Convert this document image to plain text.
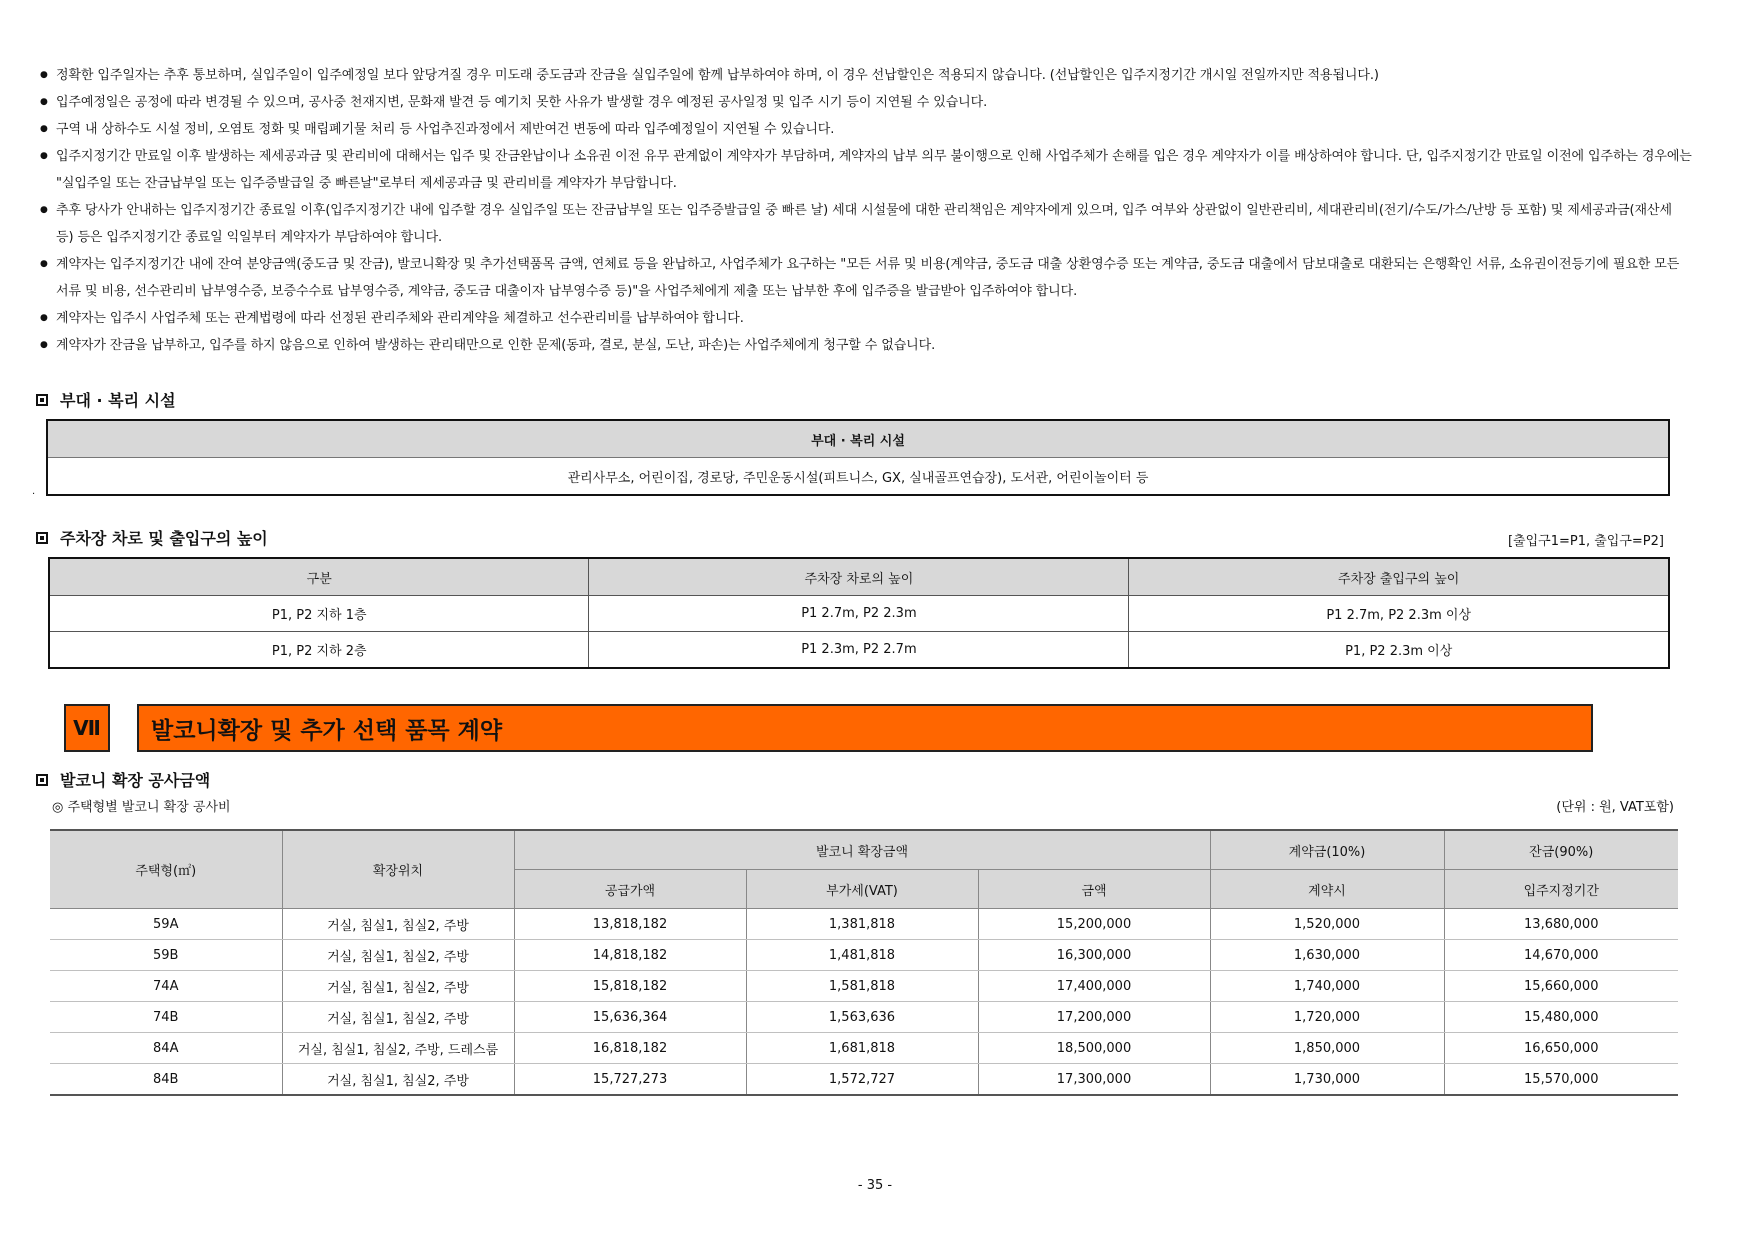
● 정확한 입주일자는 추후 통보하며, 실입주일이 입주예정일 보다 앞당겨질 경우 미도래 중도금과 잔금을 실입주일에 함께 납부하여야 하며, 이 경우 선납할인은 적용되지 않습니다. (선납할인은 입주지정기간 개시일 전일까지만 적용됩니다.)
● 입주예정일은 공정에 따라 변경될 수 있으며, 공사중 천재지변, 문화재 발견 등 예기치 못한 사유가 발생할 경우 예정된 공사일정 및 입주 시기 등이 지연될 수 있습니다.
● 구역 내 상하수도 시설 정비, 오염토 정화 및 매립폐기물 처리 등 사업추진과정에서 제반여건 변동에 따라 입주예정일이 지연될 수 있습니다.
● 입주지정기간 만료일 이후 발생하는 제세공과금 및 관리비에 대해서는 입주 및 잔금완납이나 소유권 이전 유무 관계없이 계약자가 부담하며, 계약자의 납부 의무 불이행으로 인해 사업주체가 손해를 입은 경우 계약자가 이를 배상하여야 합니다. 단, 입주지정기간 만료일 이전에 입주하는 경우에는 "실입주일 또는 잔금납부일 또는 입주증발급일 중 빠른날"로부터 제세공과금 및 관리비를 계약자가 부담합니다.
● 추후 당사가 안내하는 입주지정기간 종료일 이후(입주지정기간 내에 입주할 경우 실입주일 또는 잔금납부일 또는 입주증발급일 중 빠른 날) 세대 시설물에 대한 관리책임은 계약자에게 있으며, 입주 여부와 상관없이 일반관리비, 세대관리비(전기/수도/가스/난방 등 포함) 및 제세공과금(재산세 등) 등은 입주지정기간 종료일 익일부터 계약자가 부담하여야 합니다.
● 계약자는 입주지정기간 내에 잔여 분양금액(중도금 및 잔금), 발코니확장 및 추가선택품목 금액, 연체료 등을 완납하고, 사업주체가 요구하는 "모든 서류 및 비용(계약금, 중도금 대출 상환영수증 또는 계약금, 중도금 대출에서 담보대출로 대환되는 은행확인 서류, 소유권이전등기에 필요한 모든 서류 및 비용, 선수관리비 납부영수증, 보증수수료 납부영수증, 계약금, 중도금 대출이자 납부영수증 등)"을 사업주체에게 제출 또는 납부한 후에 입주증을 발급받아 입주하여야 합니다.
● 계약자는 입주시 사업주체 또는 관계법령에 따라 선정된 관리주체와 관리계약을 체결하고 선수관리비를 납부하여야 합니다.
● 계약자가 잔금을 납부하고, 입주를 하지 않음으로 인하여 발생하는 관리태만으로 인한 문제(동파, 결로, 분실, 도난, 파손)는 사업주체에게 청구할 수 없습니다.
부대 · 복리 시설
부대 · 복리 시설
관리사무소, 어린이집, 경로당, 주민운동시설(피트니스, GX, 실내골프연습장), 도서관, 어린이놀이터 등
.
주차장 차로 및 출입구의 높이	[출입구1=P1, 출입구=P2]
구분	주차장 차로의 높이	주차장 출입구의 높이
P1, P2 지하 1층	P1 2.7m, P2 2.3m	P1 2.7m, P2 2.3m 이상
P1, P2 지하 2층	P1 2.3m, P2 2.7m	P1, P2 2.3m 이상
Ⅶ	발코니확장 및 추가 선택 품목 계약
발코니 확장 공사금액
◎ 주택형별 발코니 확장 공사비	(단위 : 원, VAT포함)
주택형(㎡)	확장위치	발코니 확장금액			계약금(10%)	잔금(90%)
		공급가액	부가세(VAT)	금액	계약시	입주지정기간
59A	거실, 침실1, 침실2, 주방	13,818,182	1,381,818	15,200,000	1,520,000	13,680,000
59B	거실, 침실1, 침실2, 주방	14,818,182	1,481,818	16,300,000	1,630,000	14,670,000
74A	거실, 침실1, 침실2, 주방	15,818,182	1,581,818	17,400,000	1,740,000	15,660,000
74B	거실, 침실1, 침실2, 주방	15,636,364	1,563,636	17,200,000	1,720,000	15,480,000
84A	거실, 침실1, 침실2, 주방, 드레스룸	16,818,182	1,681,818	18,500,000	1,850,000	16,650,000
84B	거실, 침실1, 침실2, 주방	15,727,273	1,572,727	17,300,000	1,730,000	15,570,000
- 35 -
